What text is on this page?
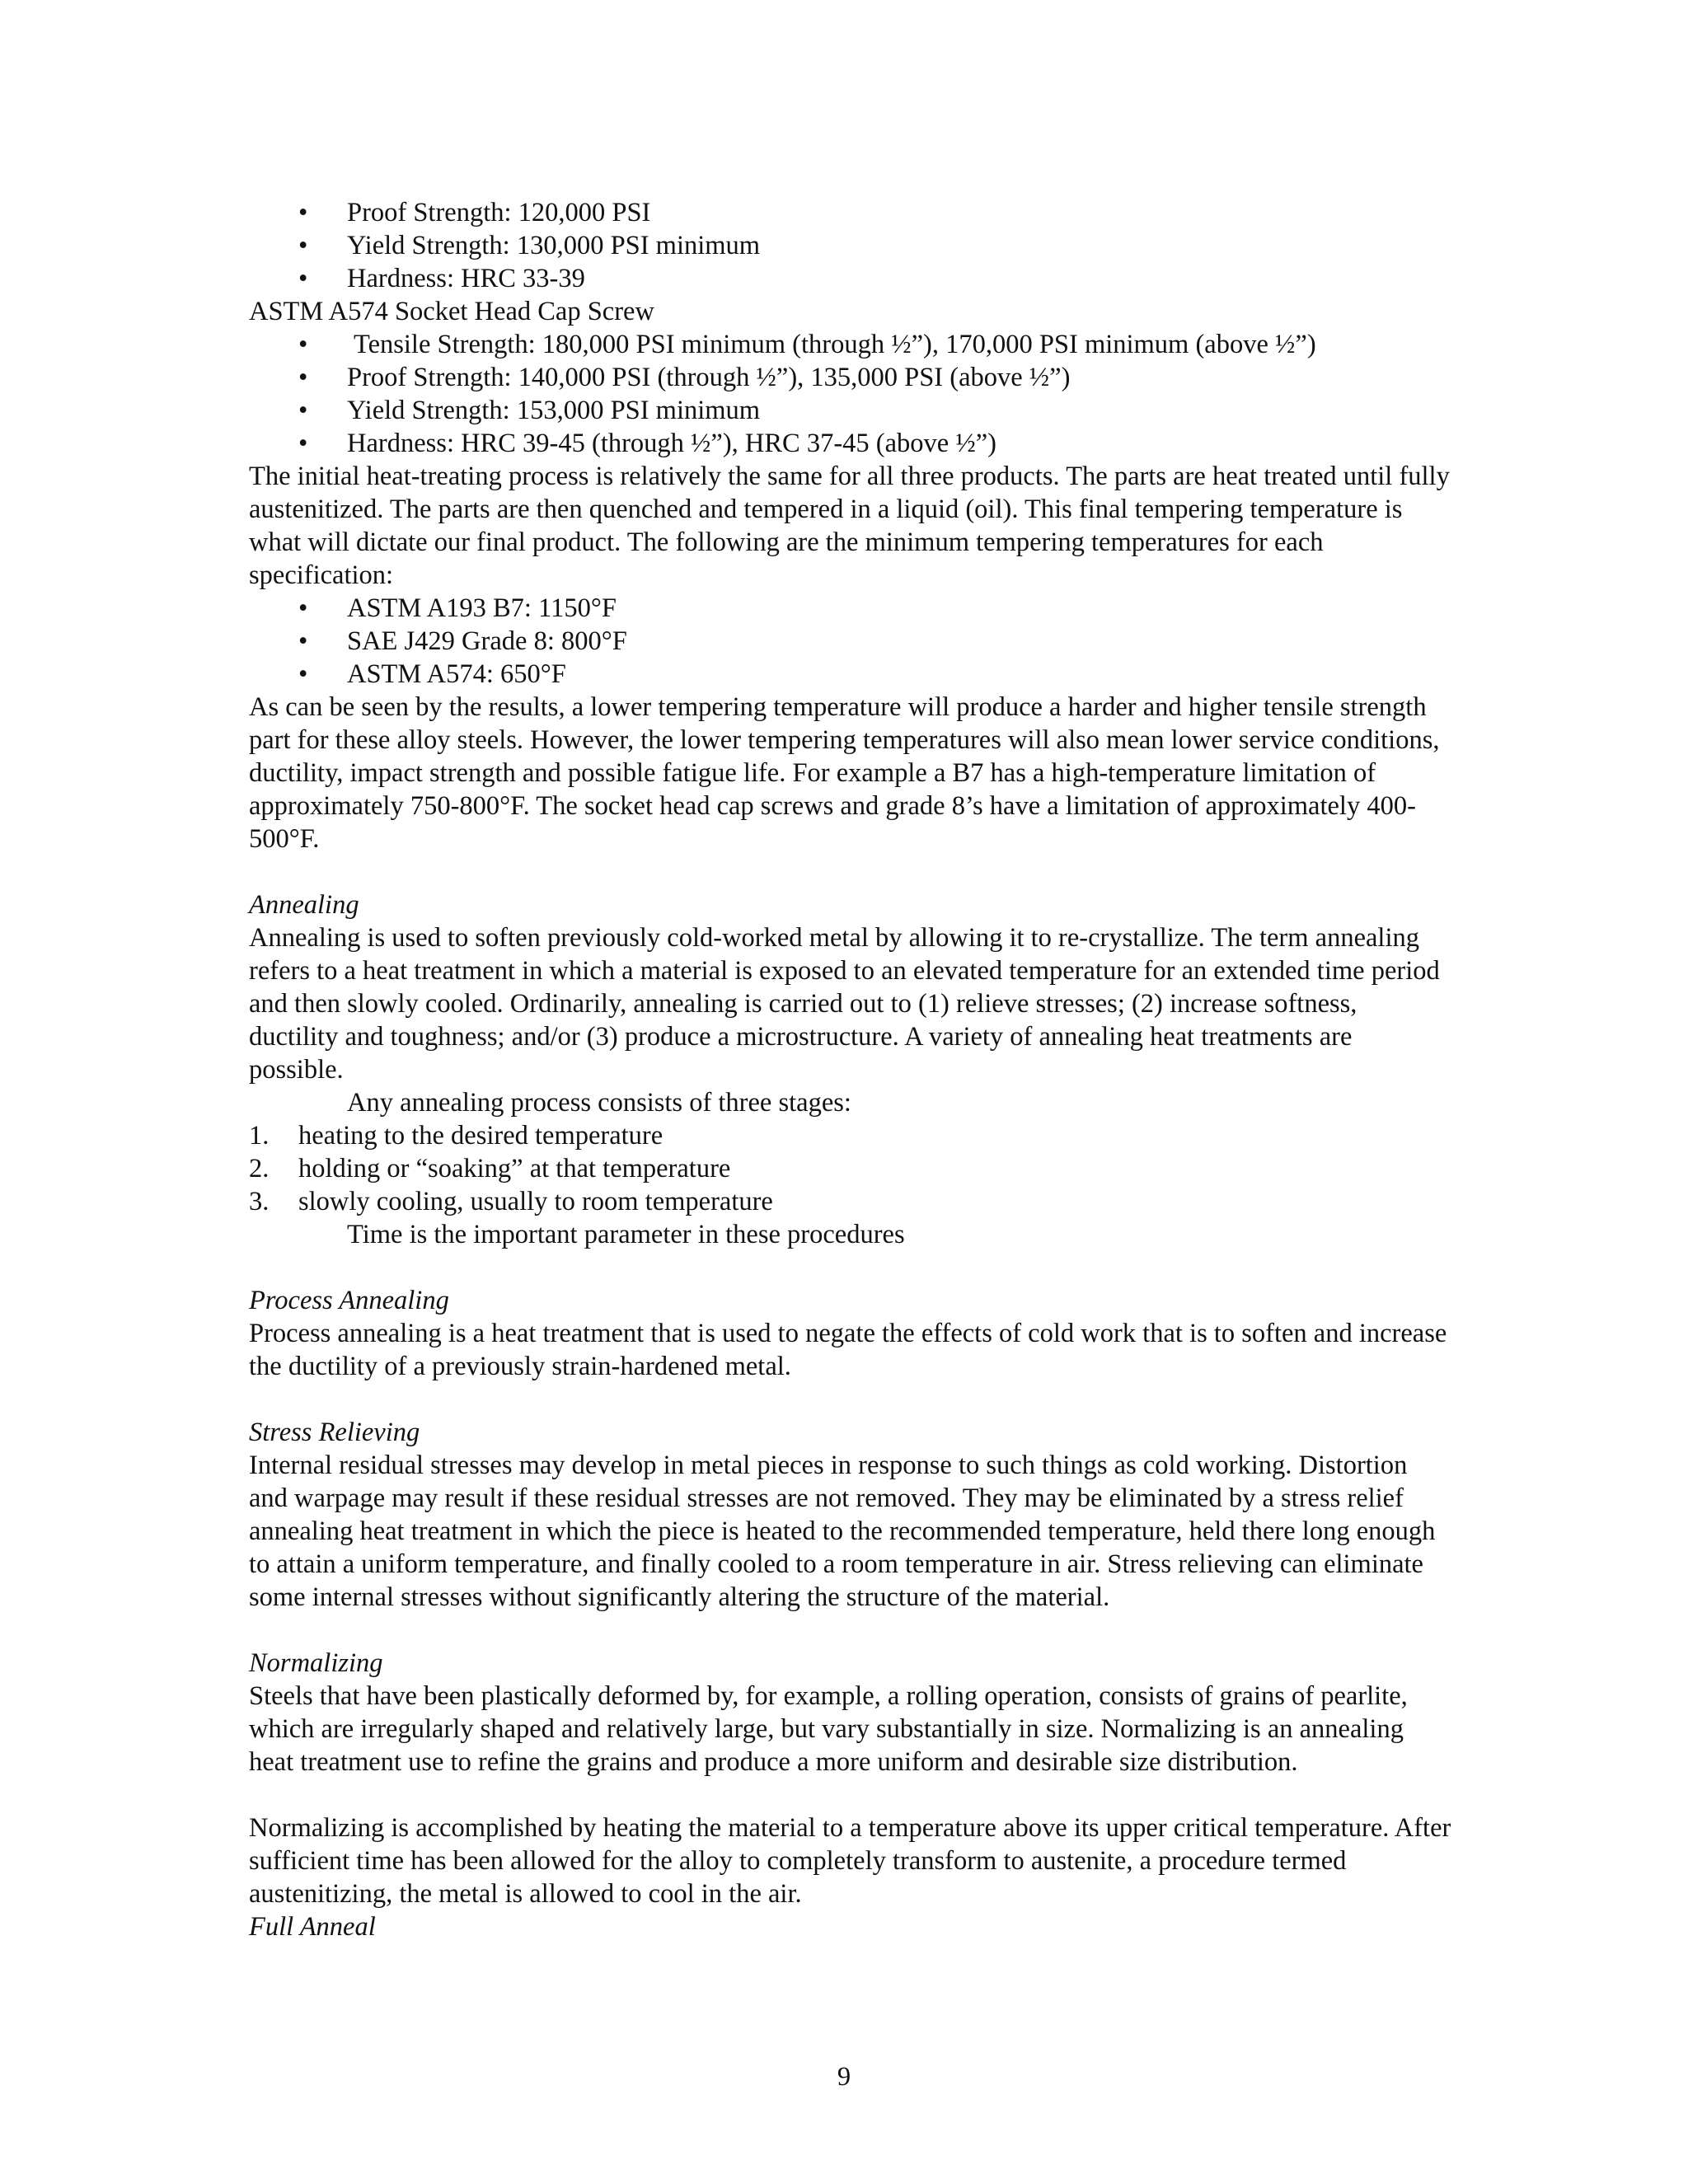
• Proof Strength: 120,000 PSI
• Yield Strength: 130,000 PSI minimum
• Hardness: HRC 33-39

ASTM A574 Socket Head Cap Screw

• Tensile Strength: 180,000 PSI minimum (through ½”), 170,000 PSI minimum (above ½”)
• Proof Strength: 140,000 PSI (through ½”), 135,000 PSI (above ½”)
• Yield Strength: 153,000 PSI minimum
• Hardness: HRC 39-45 (through ½”), HRC 37-45 (above ½”)

The initial heat-treating process is relatively the same for all three products. The parts are heat treated until fully austenitized. The parts are then quenched and tempered in a liquid (oil). This final tempering temperature is what will dictate our final product. The following are the minimum tempering temperatures for each specification:

• ASTM A193 B7: 1150°F
• SAE J429 Grade 8: 800°F
• ASTM A574: 650°F

As can be seen by the results, a lower tempering temperature will produce a harder and higher tensile strength part for these alloy steels. However, the lower tempering temperatures will also mean lower service conditions, ductility, impact strength and possible fatigue life. For example a B7 has a high-temperature limitation of approximately 750-800°F. The socket head cap screws and grade 8’s have a limitation of approximately 400-500°F.

Annealing

Annealing is used to soften previously cold-worked metal by allowing it to re-crystallize. The term annealing refers to a heat treatment in which a material is exposed to an elevated temperature for an extended time period and then slowly cooled. Ordinarily, annealing is carried out to (1) relieve stresses; (2) increase softness, ductility and toughness; and/or (3) produce a microstructure. A variety of annealing heat treatments are possible.

Any annealing process consists of three stages:

1. heating to the desired temperature
2. holding or “soaking” at that temperature
3. slowly cooling, usually to room temperature

Time is the important parameter in these procedures

Process Annealing

Process annealing is a heat treatment that is used to negate the effects of cold work that is to soften and increase the ductility of a previously strain-hardened metal.

Stress Relieving

Internal residual stresses may develop in metal pieces in response to such things as cold working. Distortion and warpage may result if these residual stresses are not removed. They may be eliminated by a stress relief annealing heat treatment in which the piece is heated to the recommended temperature, held there long enough to attain a uniform temperature, and finally cooled to a room temperature in air. Stress relieving can eliminate some internal stresses without significantly altering the structure of the material.

Normalizing

Steels that have been plastically deformed by, for example, a rolling operation, consists of grains of pearlite, which are irregularly shaped and relatively large, but vary substantially in size. Normalizing is an annealing heat treatment use to refine the grains and produce a more uniform and desirable size distribution.

Normalizing is accomplished by heating the material to a temperature above its upper critical temperature. After sufficient time has been allowed for the alloy to completely transform to austenite, a procedure termed austenitizing, the metal is allowed to cool in the air.

Full Anneal

9
